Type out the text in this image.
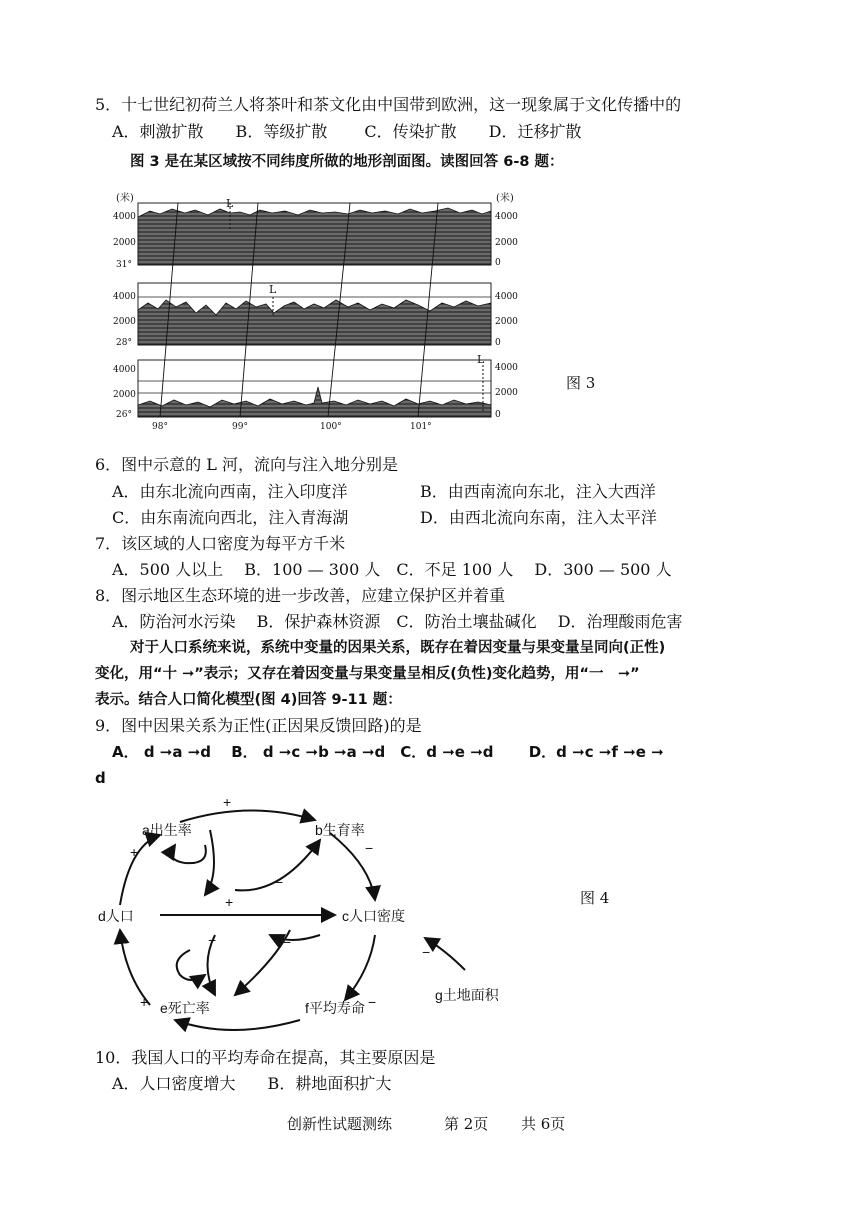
5．十七世纪初荷兰人将茶叶和茶文化由中国带到欧洲，这一现象属于文化传播中的
A．刺激扩散　　B．等级扩散　　 C．传染扩散　　D．迁移扩散
图 3 是在某区域按不同纬度所做的地形剖面图。读图回答 6-8 题：
(米)	(米)
4000
2000
31°
4000
2000
0
L
4000
2000
28°
4000
2000
0
L
4000
2000
26°
4000
2000
0
L
98°	99°	100°	101°
图 3
6．图中示意的 L 河，流向与注入地分别是
A．由东北流向西南，注入印度洋	B．由西南流向东北，注入大西洋
C．由东南流向西北，注入青海湖	D．由西北流向东南，注入太平洋
7．该区域的人口密度为每平方千米
A．500 人以上　 B．100 — 300 人　C．不足 100 人　 D．300 — 500 人
8．图示地区生态环境的进一步改善，应建立保护区并着重
A．防治河水污染　 B．保护森林资源　C．防治土壤盐碱化　 D．治理酸雨危害
对于人口系统来说，系统中变量的因果关系，既存在着因变量与果变量呈同向(正性)
变化，用“十 ➞”表示；又存在着因变量与果变量呈相反(负性)变化趋势，用“一　➞”
表示。结合人口简化模型(图 4)回答 9-11 题：
9．图中因果关系为正性(正因果反馈回路)的是
A． d ➞a ➞d　 B． d ➞c ➞b ➞a ➞d　C．d ➞e ➞d　　 D．d ➞c ➞f ➞e ➞
d
a出生率	b生育率
d人口	c人口密度
e死亡率	f平均寿命
g土地面积
+
+ +	−
+
−
−	−
+
−
−
−
图 4
10．我国人口的平均寿命在提高，其主要原因是
A．人口密度增大　　B．耕地面积扩大
创新性试题测练	第 2页 共 6页
